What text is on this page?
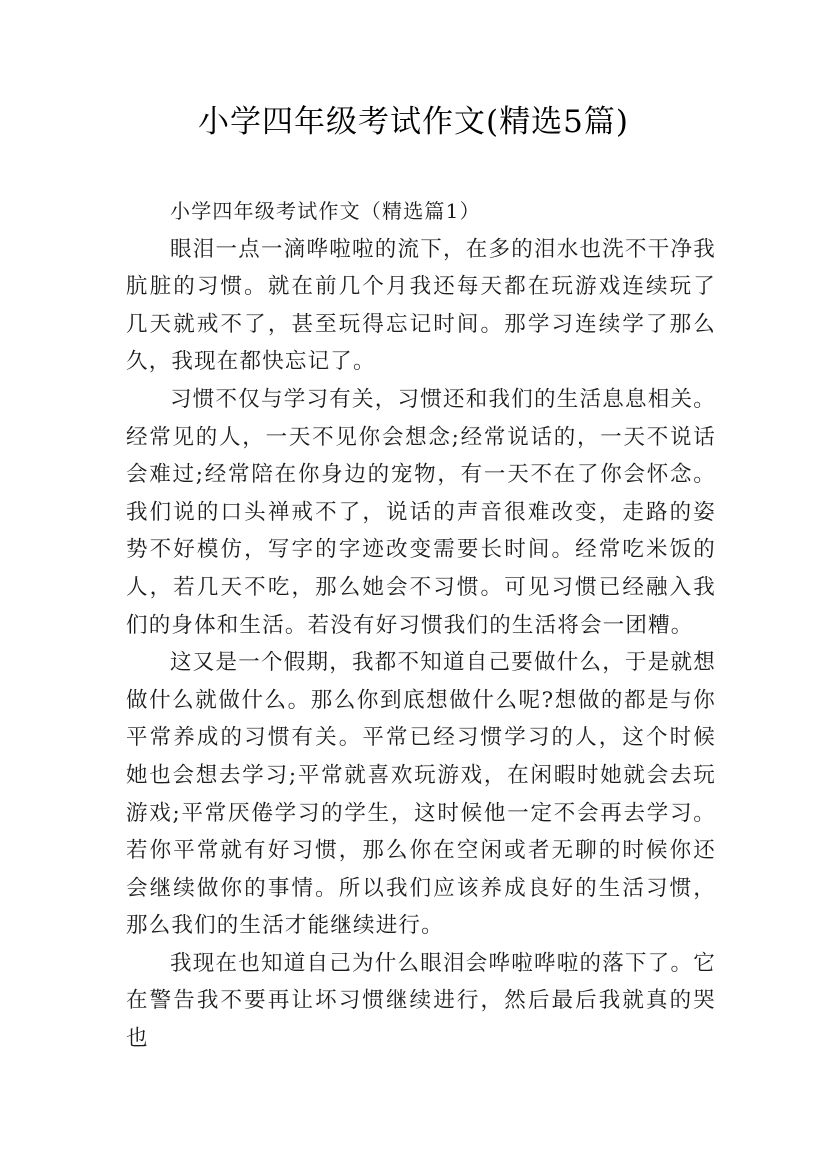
小学四年级考试作文(精选5篇)

小学四年级考试作文（精选篇1）

眼泪一点一滴哗啦啦的流下，在多的泪水也洗不干净我肮脏的习惯。就在前几个月我还每天都在玩游戏连续玩了几天就戒不了，甚至玩得忘记时间。那学习连续学了那么久，我现在都快忘记了。

习惯不仅与学习有关，习惯还和我们的生活息息相关。经常见的人，一天不见你会想念;经常说话的，一天不说话会难过;经常陪在你身边的宠物，有一天不在了你会怀念。我们说的口头禅戒不了，说话的声音很难改变，走路的姿势不好模仿，写字的字迹改变需要长时间。经常吃米饭的人，若几天不吃，那么她会不习惯。可见习惯已经融入我们的身体和生活。若没有好习惯我们的生活将会一团糟。

这又是一个假期，我都不知道自己要做什么，于是就想做什么就做什么。那么你到底想做什么呢?想做的都是与你平常养成的习惯有关。平常已经习惯学习的人，这个时候她也会想去学习;平常就喜欢玩游戏，在闲暇时她就会去玩游戏;平常厌倦学习的学生，这时候他一定不会再去学习。若你平常就有好习惯，那么你在空闲或者无聊的时候你还会继续做你的事情。所以我们应该养成良好的生活习惯，那么我们的生活才能继续进行。

我现在也知道自己为什么眼泪会哗啦哗啦的落下了。它在警告我不要再让坏习惯继续进行，然后最后我就真的哭也
